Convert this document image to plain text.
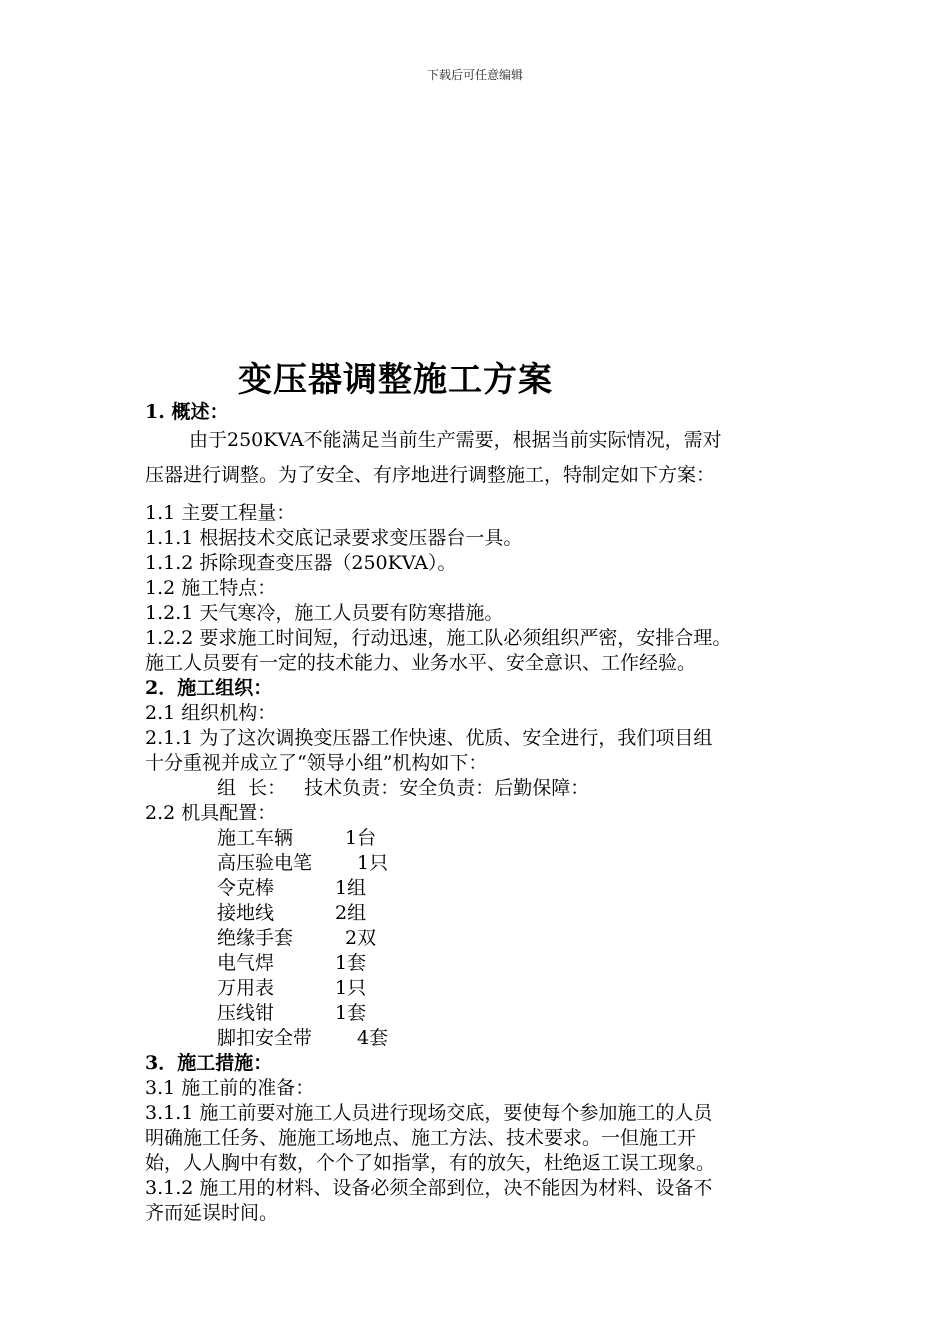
下载后可任意编辑
变压器调整施工方案
1. 概述：
由于250KVA不能满足当前生产需要，根据当前实际情况，需对
压器进行调整。为了安全、有序地进行调整施工，特制定如下方案：
1.1 主要工程量：
1.1.1 根据技术交底记录要求变压器台一具。
1.1.2 拆除现查变压器（250KVA）。
1.2 施工特点：
1.2.1 天气寒冷，施工人员要有防寒措施。
1.2.2 要求施工时间短，行动迅速，施工队必须组织严密，安排合理。
施工人员要有一定的技术能力、业务水平、安全意识、工作经验。
2．施工组织：
2.1 组织机构：
2.1.1 为了这次调换变压器工作快速、优质、安全进行，我们项目组
十分重视并成立了“领导小组”机构如下：
组  长：   技术负责：安全负责：后勤保障：
2.2 机具配置：
施工车辆	1台
高压验电笔	1只
令克棒	1组
接地线	2组
绝缘手套	2双
电气焊	1套
万用表	1只
压线钳	1套
脚扣安全带	4套
3．施工措施：
3.1 施工前的准备：
3.1.1 施工前要对施工人员进行现场交底，要使每个参加施工的人员
明确施工任务、施施工场地点、施工方法、技术要求。一但施工开
始，人人胸中有数，个个了如指掌，有的放矢，杜绝返工误工现象。
3.1.2 施工用的材料、设备必须全部到位，决不能因为材料、设备不
齐而延误时间。
